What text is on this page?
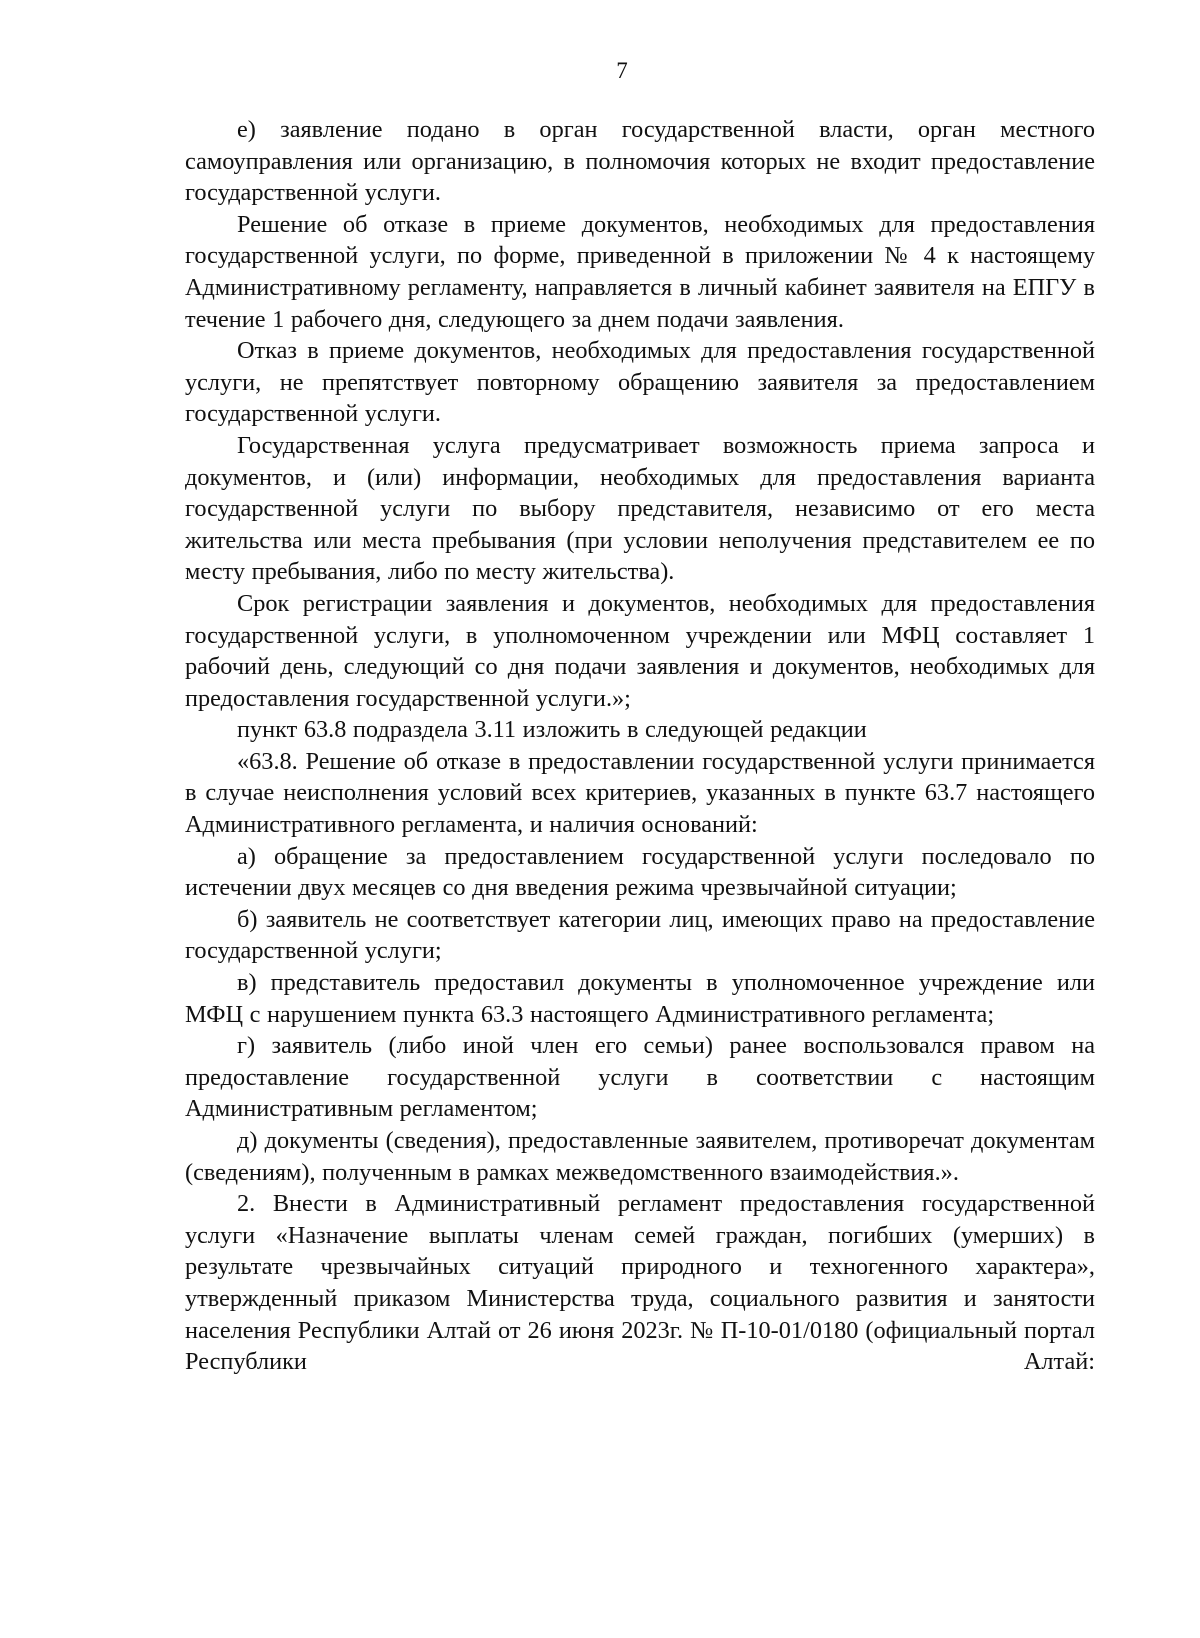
7

е) заявление подано в орган государственной власти, орган местного самоуправления или организацию, в полномочия которых не входит предоставление государственной услуги.

Решение об отказе в приеме документов, необходимых для предоставления государственной услуги, по форме, приведенной в приложении № 4 к настоящему Административному регламенту, направляется в личный кабинет заявителя на ЕПГУ в течение 1 рабочего дня, следующего за днем подачи заявления.

Отказ в приеме документов, необходимых для предоставления государственной услуги, не препятствует повторному обращению заявителя за предоставлением государственной услуги.

Государственная услуга предусматривает возможность приема запроса и документов, и (или) информации, необходимых для предоставления варианта государственной услуги по выбору представителя, независимо от его места жительства или места пребывания (при условии неполучения представителем ее по месту пребывания, либо по месту жительства).

Срок регистрации заявления и документов, необходимых для предоставления государственной услуги, в уполномоченном учреждении или МФЦ составляет 1 рабочий день, следующий со дня подачи заявления и документов, необходимых для предоставления государственной услуги.»;

пункт 63.8 подраздела 3.11 изложить в следующей редакции

«63.8. Решение об отказе в предоставлении государственной услуги принимается в случае неисполнения условий всех критериев, указанных в пункте 63.7 настоящего Административного регламента, и наличия оснований:

а) обращение за предоставлением государственной услуги последовало по истечении двух месяцев со дня введения режима чрезвычайной ситуации;

б) заявитель не соответствует категории лиц, имеющих право на предоставление государственной услуги;

в) представитель предоставил документы в уполномоченное учреждение или МФЦ с нарушением пункта 63.3 настоящего Административного регламента;

г) заявитель (либо иной член его семьи) ранее воспользовался правом на предоставление государственной услуги в соответствии с настоящим Административным регламентом;

д) документы (сведения), предоставленные заявителем, противоречат документам (сведениям), полученным в рамках межведомственного взаимодействия.».

2. Внести в Административный регламент предоставления государственной услуги «Назначение выплаты членам семей граждан, погибших (умерших) в результате чрезвычайных ситуаций природного и техногенного характера», утвержденный приказом Министерства труда, социального развития и занятости населения Республики Алтай от 26 июня 2023г. № П-10-01/0180 (официальный портал Республики Алтай:
